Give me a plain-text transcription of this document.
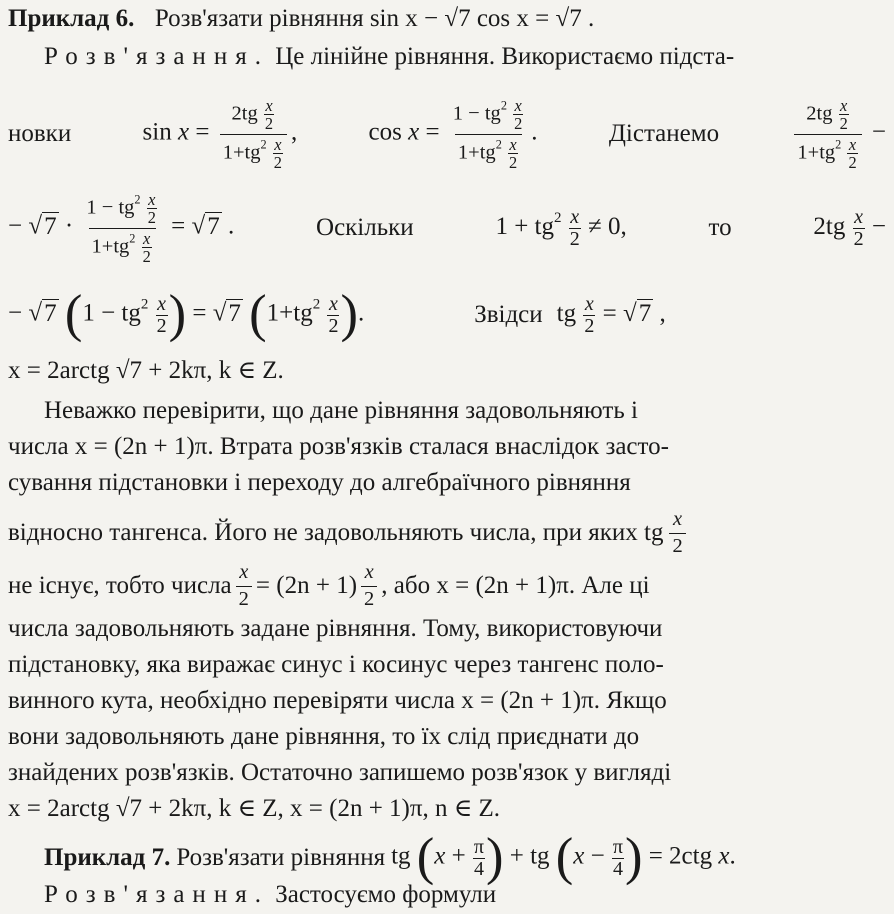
Приклад 6. Розв'язати рівняння sin x − √7 cos x = √7 .
Розв'язання. Це лінійне рівняння. Використаємо підста-
новки	$\sin x = \frac{2tg \frac{x}{2}}{1+tg^2 \frac{x}{2}}$ ,	$\cos x = \frac{1 - tg^2 \frac{x}{2}}{1+tg^2 \frac{x}{2}}$ .	Дістанемо	$\frac{2tg \frac{x}{2}}{1+tg^2 \frac{x}{2}}$ −
− $√7 \cdot \frac{1 - tg^2 \frac{x}{2}}{1+tg^2 \frac{x}{2}} = √7$ .	Оскільки	$1 + tg^2 \frac{x}{2} \ne 0$,	то	$2tg \frac{x}{2}$ −
− √7 ($1 - tg^2 \frac{x}{2}$ ) = √7 ($1+tg^2 \frac{x}{2}$ ).	Звідси tg $\frac{x}{2} = √7$ ,
x = 2arctg √7 + 2kπ, k ∈ Z.
Неважко перевірити, що дане рівняння задовольняють і
числа x = (2n + 1)π. Втрата розв'язків сталася внаслідок засто-
сування підстановки і переходу до алгебраїчного рівняння
відносно тангенса. Його не задовольняють числа, при яких tg $\frac{x}{2}$
не існує, тобто числа $\frac{x}{2} = (2n + 1) \frac{x}{2}$ , або x = (2n + 1)π. Але ці
числа задовольняють задане рівняння. Тому, використовуючи
підстановку, яка виражає синус і косинус через тангенс поло-
винного кута, необхідно перевіряти числа x = (2n + 1)π. Якщо
вони задовольняють дане рівняння, то їх слід приєднати до
знайдених розв'язків. Остаточно запишемо розв'язок у вигляді
x = 2arctg √7 + 2kπ, k ∈ Z, x = (2n + 1)π, n ∈ Z.
Приклад 7. Розв'язати рівняння tg (x + π
4 ) + tg (x − π
4 ) = 2ctg x.
Розв'язання. Застосуємо формули
